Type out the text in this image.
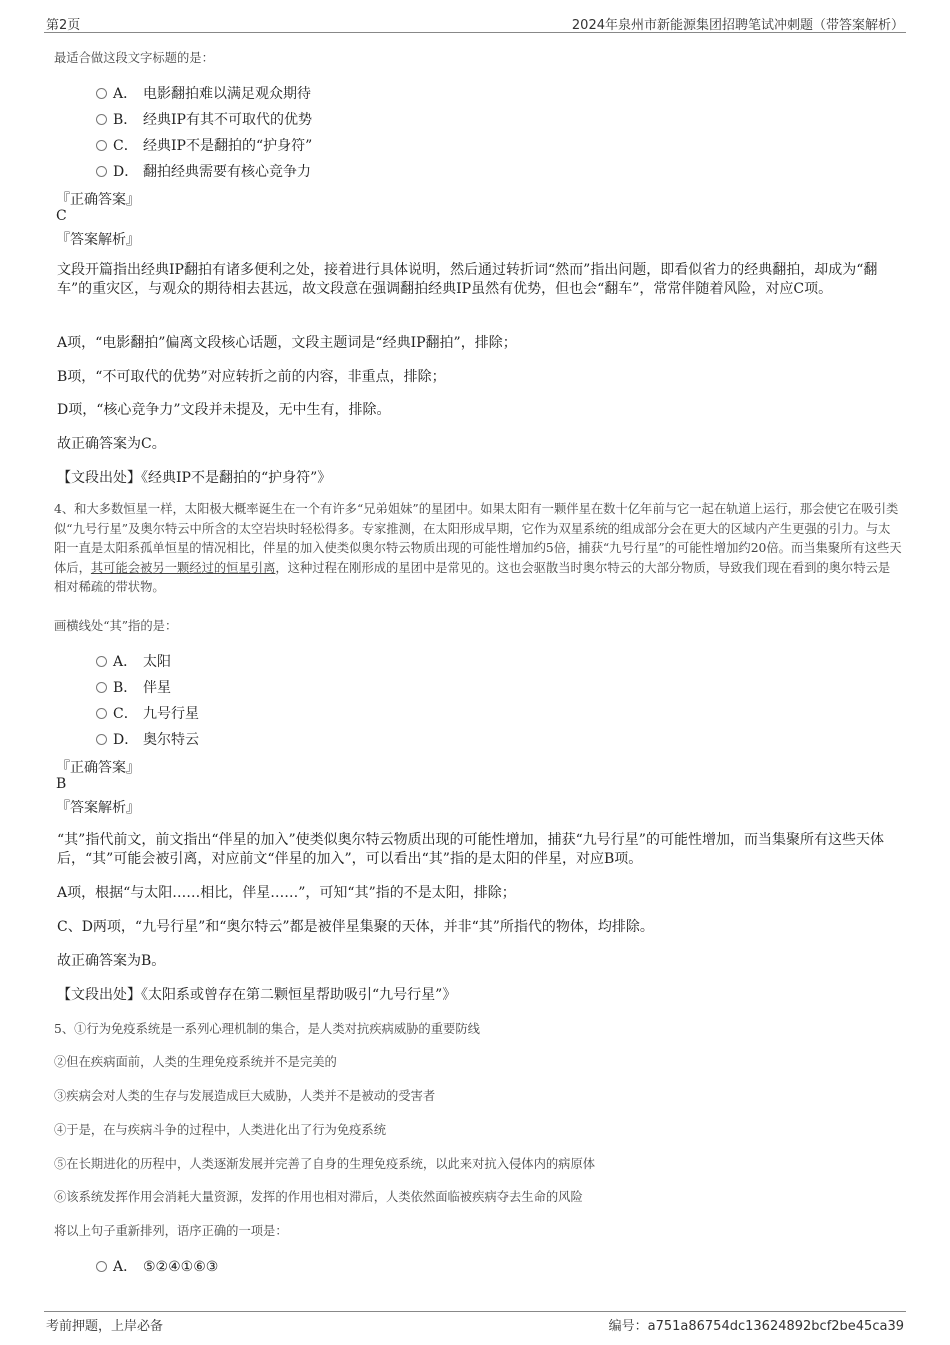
第2页	2024年泉州市新能源集团招聘笔试冲刺题（带答案解析）
最适合做这段文字标题的是：
A． 电影翻拍难以满足观众期待
B． 经典IP有其不可取代的优势
C． 经典IP不是翻拍的“护身符”
D． 翻拍经典需要有核心竞争力
『正确答案』
C
『答案解析』
文段开篇指出经典IP翻拍有诸多便利之处，接着进行具体说明，然后通过转折词“然而”指出问题，即看似省力的经典翻拍，却成为“翻车”的重灾区，与观众的期待相去甚远，故文段意在强调翻拍经典IP虽然有优势，但也会“翻车”，常常伴随着风险，对应C项。
A项，“电影翻拍”偏离文段核心话题，文段主题词是“经典IP翻拍”，排除；
B项，“不可取代的优势”对应转折之前的内容，非重点，排除；
D项，“核心竞争力”文段并未提及，无中生有，排除。
故正确答案为C。
【文段出处】《经典IP不是翻拍的“护身符”》
4、和大多数恒星一样，太阳极大概率诞生在一个有许多“兄弟姐妹”的星团中。如果太阳有一颗伴星在数十亿年前与它一起在轨道上运行，那会使它在吸引类似“九号行星”及奥尔特云中所含的太空岩块时轻松得多。专家推测，在太阳形成早期，它作为双星系统的组成部分会在更大的区域内产生更强的引力。与太阳一直是太阳系孤单恒星的情况相比，伴星的加入使类似奥尔特云物质出现的可能性增加约5倍，捕获“九号行星”的可能性增加约20倍。而当集聚所有这些天体后，其可能会被另一颗经过的恒星引离，这种过程在刚形成的星团中是常见的。这也会驱散当时奥尔特云的大部分物质，导致我们现在看到的奥尔特云是相对稀疏的带状物。
画横线处“其”指的是：
A． 太阳
B． 伴星
C． 九号行星
D． 奥尔特云
『正确答案』
B
『答案解析』
“其”指代前文，前文指出“伴星的加入”使类似奥尔特云物质出现的可能性增加，捕获“九号行星”的可能性增加，而当集聚所有这些天体后，“其”可能会被引离，对应前文“伴星的加入”，可以看出“其”指的是太阳的伴星，对应B项。
A项，根据“与太阳……相比，伴星……”，可知“其”指的不是太阳，排除；
C、D两项，“九号行星”和“奥尔特云”都是被伴星集聚的天体，并非“其”所指代的物体，均排除。
故正确答案为B。
【文段出处】《太阳系或曾存在第二颗恒星帮助吸引“九号行星”》
5、①行为免疫系统是一系列心理机制的集合，是人类对抗疾病威胁的重要防线
②但在疾病面前，人类的生理免疫系统并不是完美的
③疾病会对人类的生存与发展造成巨大威胁，人类并不是被动的受害者
④于是，在与疾病斗争的过程中，人类进化出了行为免疫系统
⑤在长期进化的历程中，人类逐渐发展并完善了自身的生理免疫系统，以此来对抗入侵体内的病原体
⑥该系统发挥作用会消耗大量资源，发挥的作用也相对滞后，人类依然面临被疾病夺去生命的风险
将以上句子重新排列，语序正确的一项是：
A． ⑤②④①⑥③
考前押题，上岸必备	编号：a751a86754dc13624892bcf2be45ca39
